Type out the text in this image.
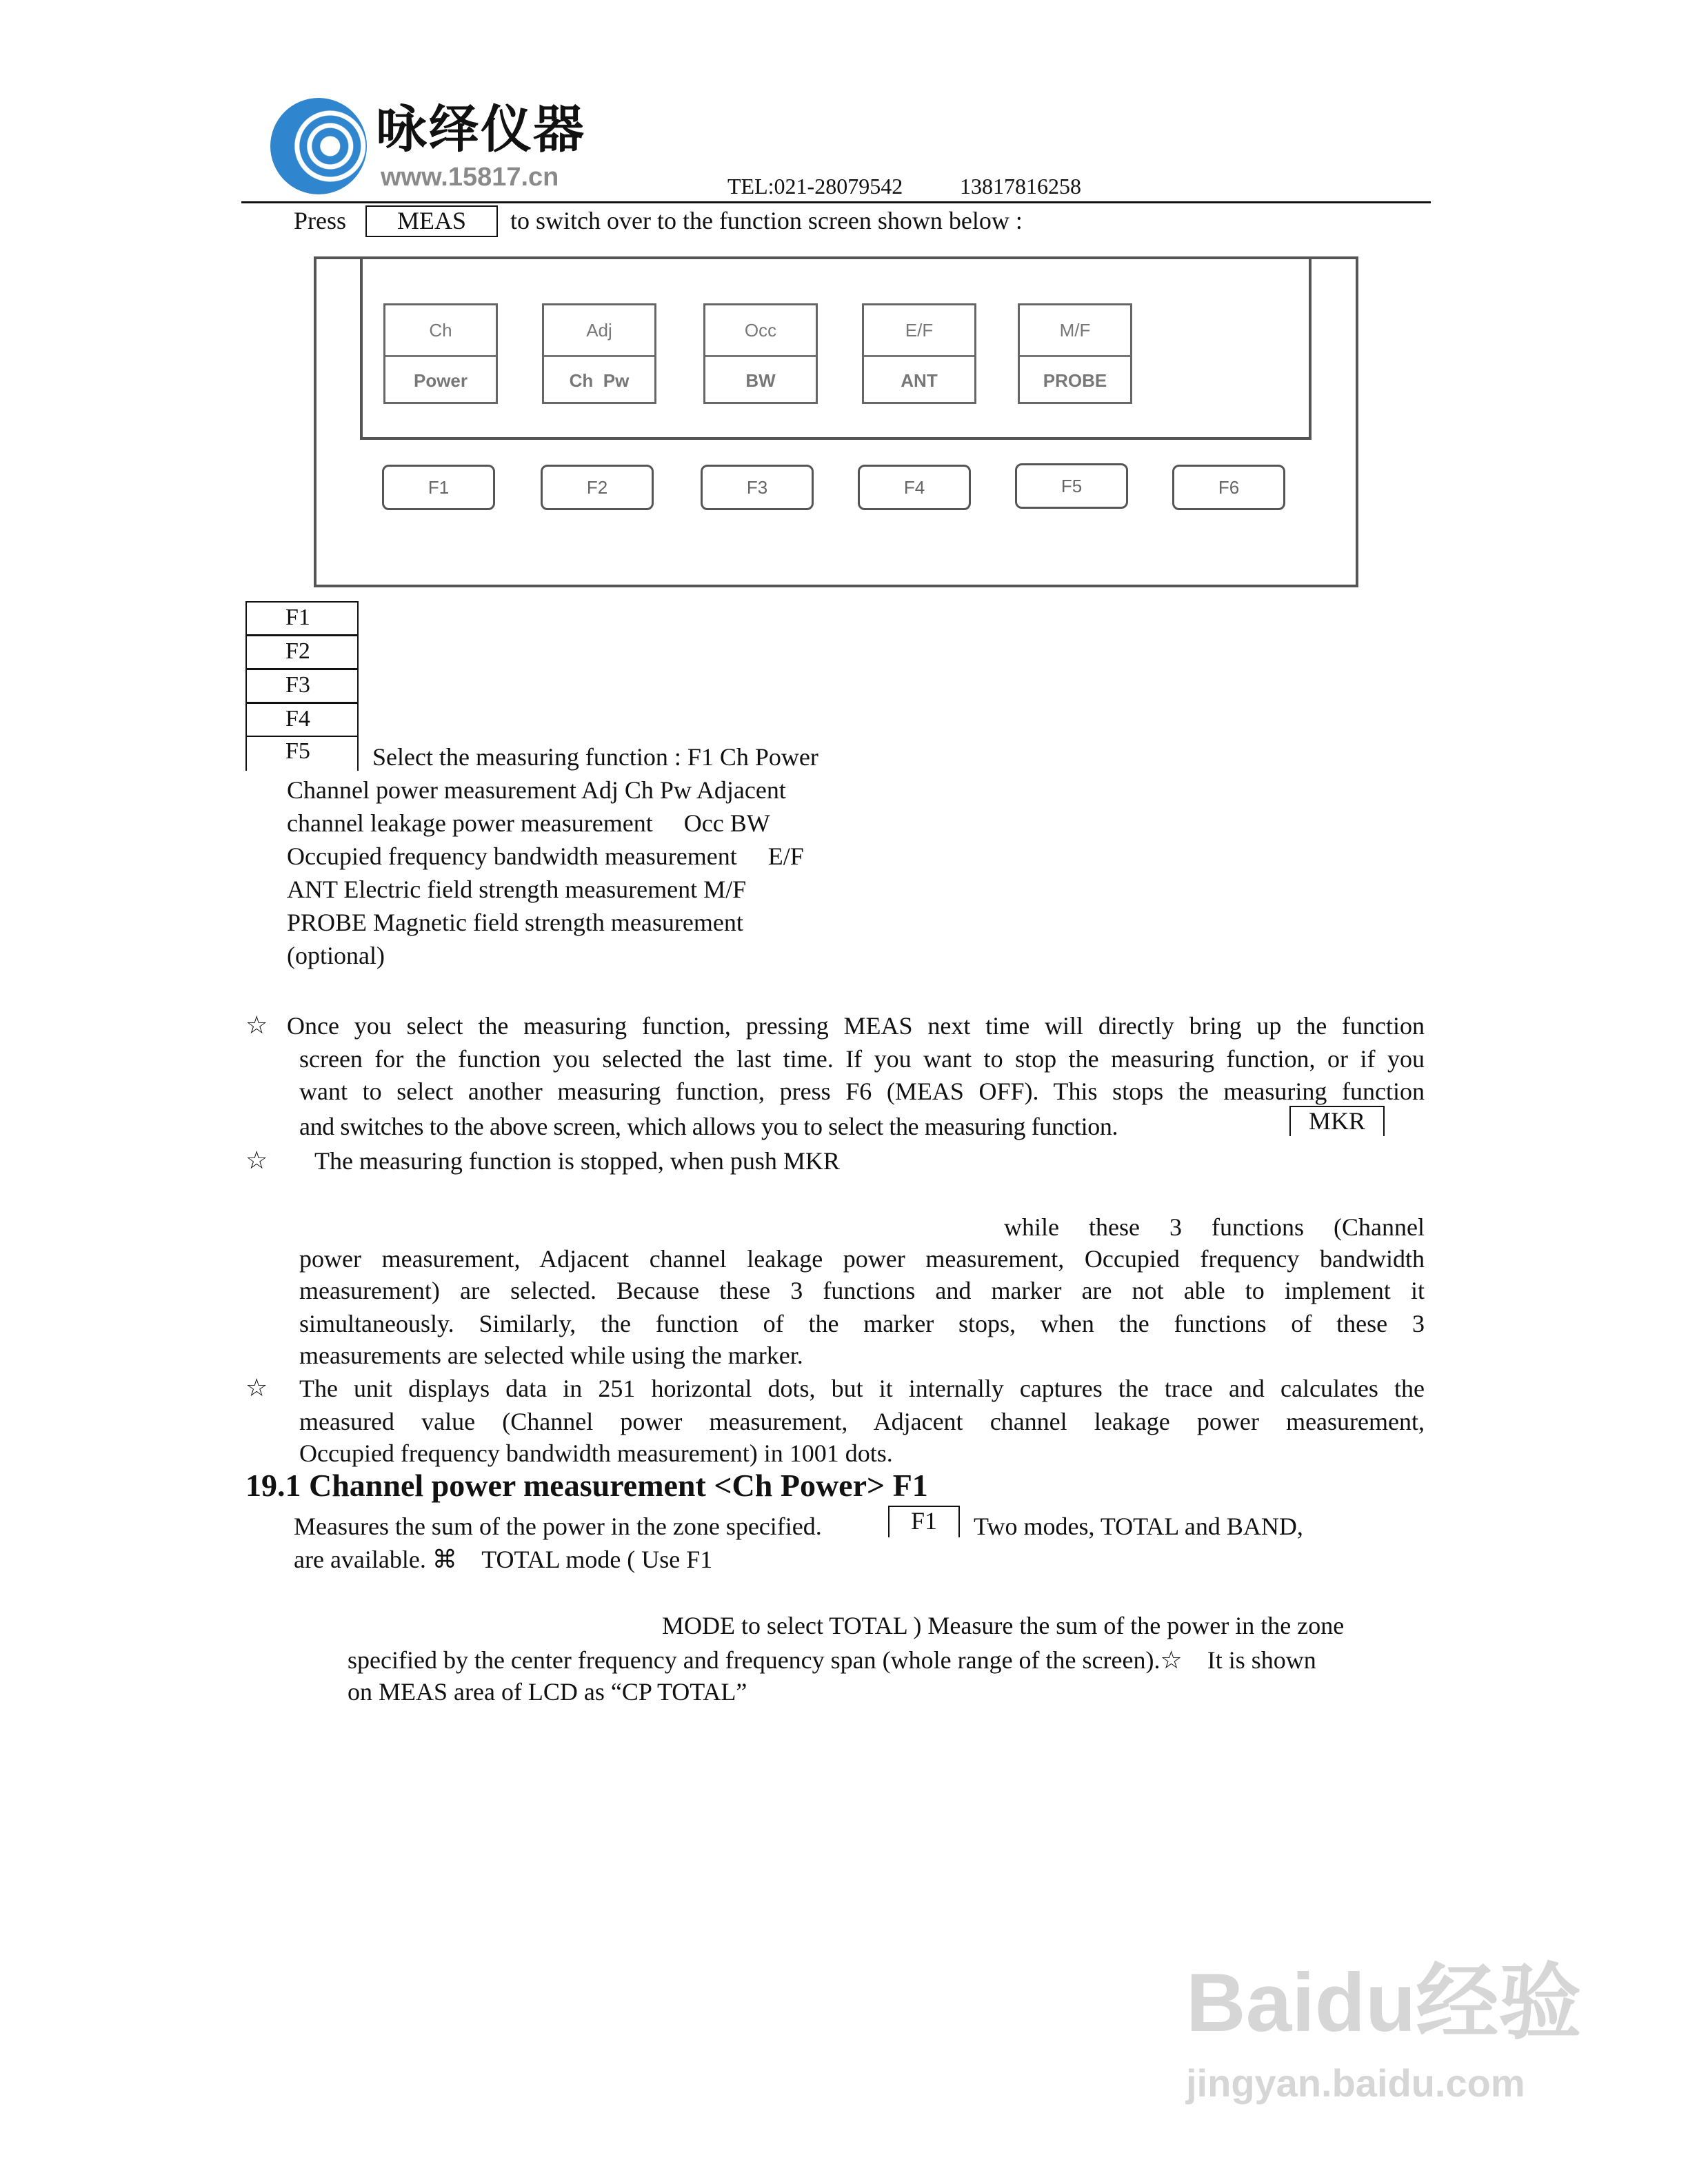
咏绎仪器
www.15817.cn	TEL:021-28079542	13817816258
Press	MEAS	to switch over to the function screen shown below :
Ch
Power
Adj
Ch  Pw
Occ
BW
E/F
ANT
M/F
PROBE
F1	F2	F3	F4	F5	F6
F1
F2
F3
F4
F5	Select the measuring function : F1 Ch Power
Channel power measurement Adj Ch Pw Adjacent
channel leakage power measurement     Occ BW
Occupied frequency bandwidth measurement     E/F
ANT Electric field strength measurement M/F
PROBE Magnetic field strength measurement
(optional)
☆ Once you select the measuring function, pressing MEAS next time will directly bring up the function
screen for the function you selected the last time. If you want to stop the measuring function, or if you
want to select another measuring function, press F6 (MEAS OFF). This stops the measuring function
and switches to the above screen, which allows you to select the measuring function.	MKR
☆ The measuring function is stopped, when push MKR
while these 3 functions (Channel
power measurement, Adjacent channel leakage power measurement, Occupied frequency bandwidth
measurement) are selected. Because these 3 functions and marker are not able to implement it
simultaneously. Similarly, the function of the marker stops, when the functions of these 3
measurements are selected while using the marker.
☆ The unit displays data in 251 horizontal dots, but it internally captures the trace and calculates the
measured value (Channel power measurement, Adjacent channel leakage power measurement,
Occupied frequency bandwidth measurement) in 1001 dots.
19.1 Channel power measurement <Ch Power> F1
Measures the sum of the power in the zone specified.	F1	Two modes, TOTAL and BAND,
are available. ⌘    TOTAL mode ( Use F1
MODE to select TOTAL ) Measure the sum of the power in the zone
specified by the center frequency and frequency span (whole range of the screen).☆    It is shown
on MEAS area of LCD as “CP TOTAL”
Baidu经验
jingyan.baidu.com
